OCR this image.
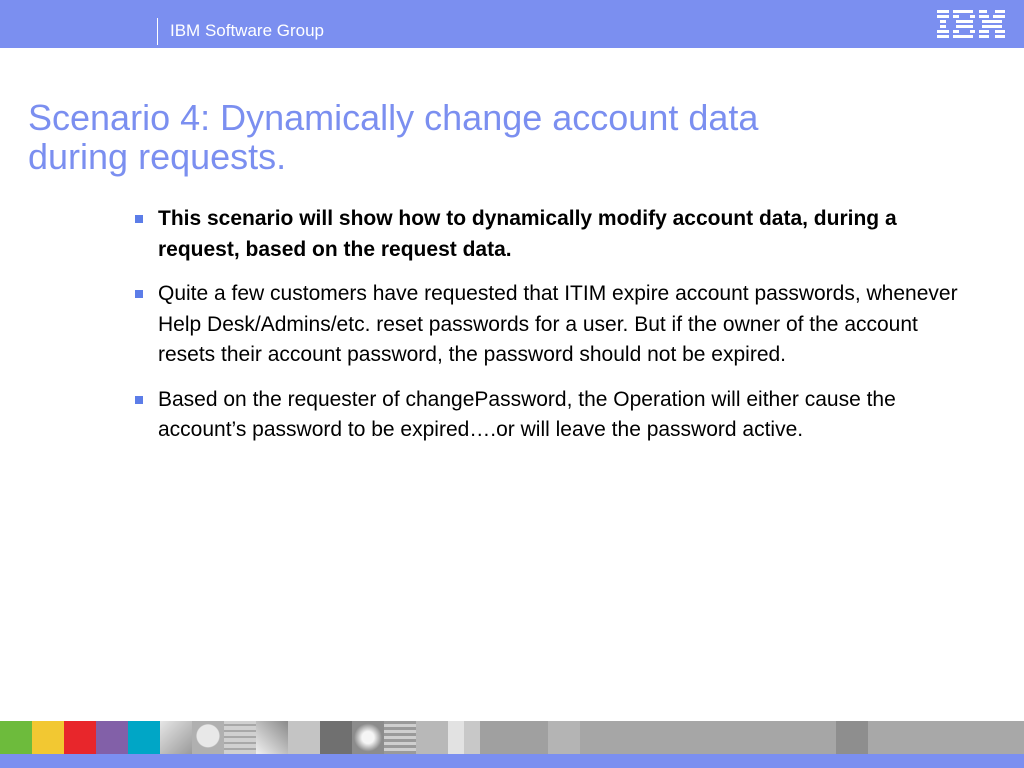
IBM Software Group
Scenario 4: Dynamically change account data
during requests.
This scenario will show how to dynamically modify account data, during a request, based on the request data.
Quite a few customers have requested that ITIM expire account passwords, whenever Help Desk/Admins/etc. reset passwords for a user. But if the owner of the account resets their account password, the password should not be expired.
Based on the requester of changePassword, the Operation will either cause the account’s password to be expired….or will leave the password active.
